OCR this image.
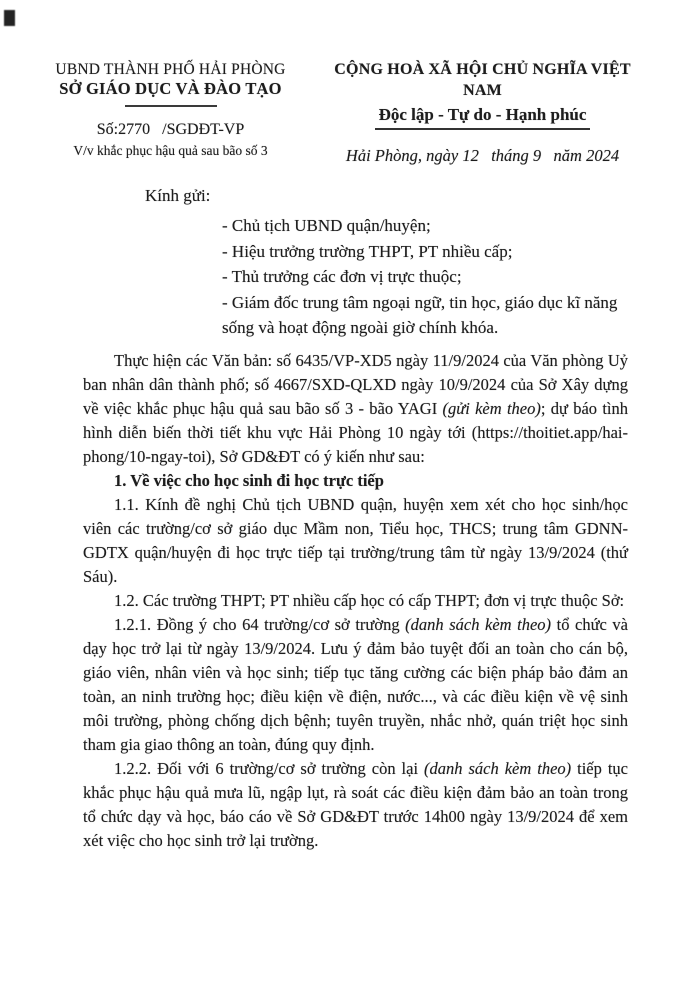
UBND THÀNH PHỐ HẢI PHÒNG
SỞ GIÁO DỤC VÀ ĐÀO TẠO
Số:2770   /SGDĐT-VP
V/v khắc phục hậu quả sau bão số 3
CỘNG HOÀ XÃ HỘI CHỦ NGHĨA VIỆT NAM
Độc lập - Tự do - Hạnh phúc
Hải Phòng, ngày 12   tháng 9   năm 2024
Kính gửi:
- Chủ tịch UBND quận/huyện;
- Hiệu trưởng trường THPT, PT nhiều cấp;
- Thủ trưởng các đơn vị trực thuộc;
- Giám đốc trung tâm ngoại ngữ, tin học, giáo dục kĩ năng sống và hoạt động ngoài giờ chính khóa.

Thực hiện các Văn bản: số 6435/VP-XD5 ngày 11/9/2024 của Văn phòng Uỷ ban nhân dân thành phố; số 4667/SXD-QLXD ngày 10/9/2024 của Sở Xây dựng về việc khắc phục hậu quả sau bão số 3 - bão YAGI (gửi kèm theo); dự báo tình hình diễn biến thời tiết khu vực Hải Phòng 10 ngày tới (https://thoitiet.app/hai-phong/10-ngay-toi), Sở GD&ĐT có ý kiến như sau:

1. Về việc cho học sinh đi học trực tiếp

1.1. Kính đề nghị Chủ tịch UBND quận, huyện xem xét cho học sinh/học viên các trường/cơ sở giáo dục Mầm non, Tiểu học, THCS; trung tâm GDNN-GDTX quận/huyện đi học trực tiếp tại trường/trung tâm từ ngày 13/9/2024 (thứ Sáu).

1.2. Các trường THPT; PT nhiều cấp học có cấp THPT; đơn vị trực thuộc Sở:

1.2.1. Đồng ý cho 64 trường/cơ sở trường (danh sách kèm theo) tổ chức và dạy học trở lại từ ngày 13/9/2024. Lưu ý đảm bảo tuyệt đối an toàn cho cán bộ, giáo viên, nhân viên và học sinh; tiếp tục tăng cường các biện pháp bảo đảm an toàn, an ninh trường học; điều kiện về điện, nước..., và các điều kiện về vệ sinh môi trường, phòng chống dịch bệnh; tuyên truyền, nhắc nhở, quán triệt học sinh tham gia giao thông an toàn, đúng quy định.

1.2.2. Đối với 6 trường/cơ sở trường còn lại (danh sách kèm theo) tiếp tục khắc phục hậu quả mưa lũ, ngập lụt, rà soát các điều kiện đảm bảo an toàn trong tổ chức dạy và học, báo cáo về Sở GD&ĐT trước 14h00 ngày 13/9/2024 để xem xét việc cho học sinh trở lại trường.
